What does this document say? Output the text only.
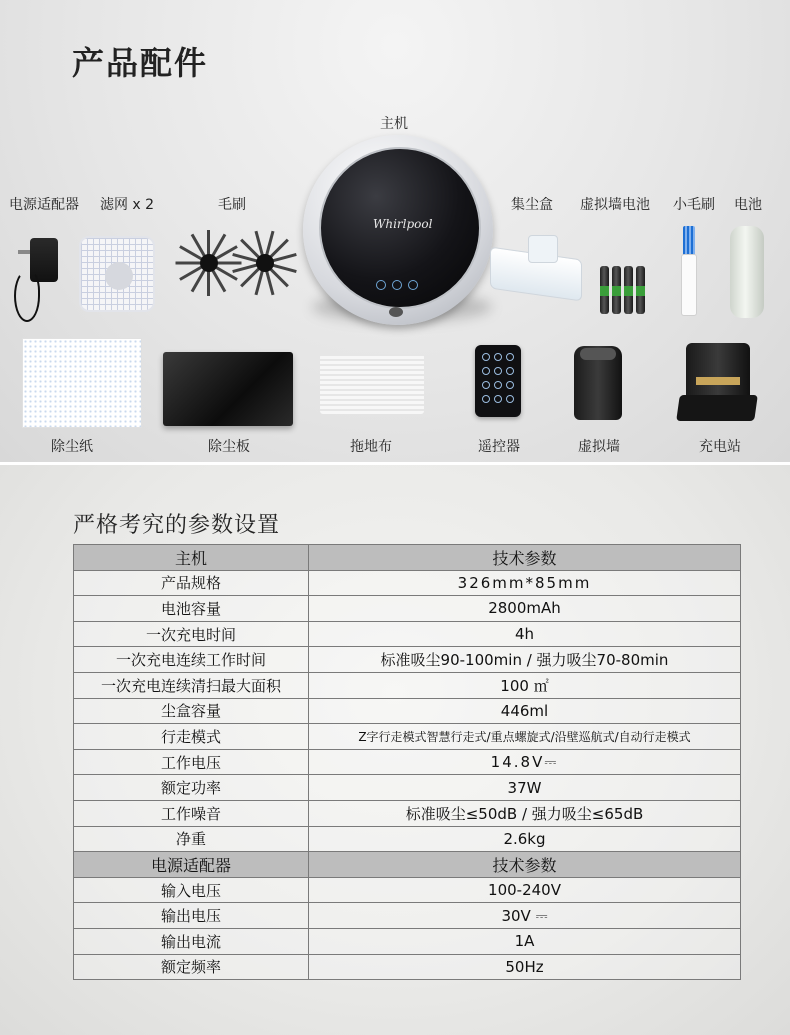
产品配件
主机
Whirlpool
电源适配器 滤网 x 2	毛刷	集尘盒 虚拟墙电池 小毛刷 电池
除尘纸	除尘板	拖地布	遥控器	虚拟墙	充电站
严格考究的参数设置
主机	技术参数
产品规格	326mm*85mm
电池容量	2800mAh
一次充电时间	4h
一次充电连续工作时间	标准吸尘90-100min / 强力吸尘70-80min
一次充电连续清扫最大面积	100 ㎡
尘盒容量	446ml
行走模式	Z字行走模式智慧行走式/重点螺旋式/沿壁巡航式/自动行走模式
工作电压	14.8V⎓
额定功率	37W
工作噪音	标准吸尘≤50dB / 强力吸尘≤65dB
净重	2.6kg
电源适配器	技术参数
输入电压	100-240V
输出电压	30V ⎓
输出电流	1A
额定频率	50Hz
